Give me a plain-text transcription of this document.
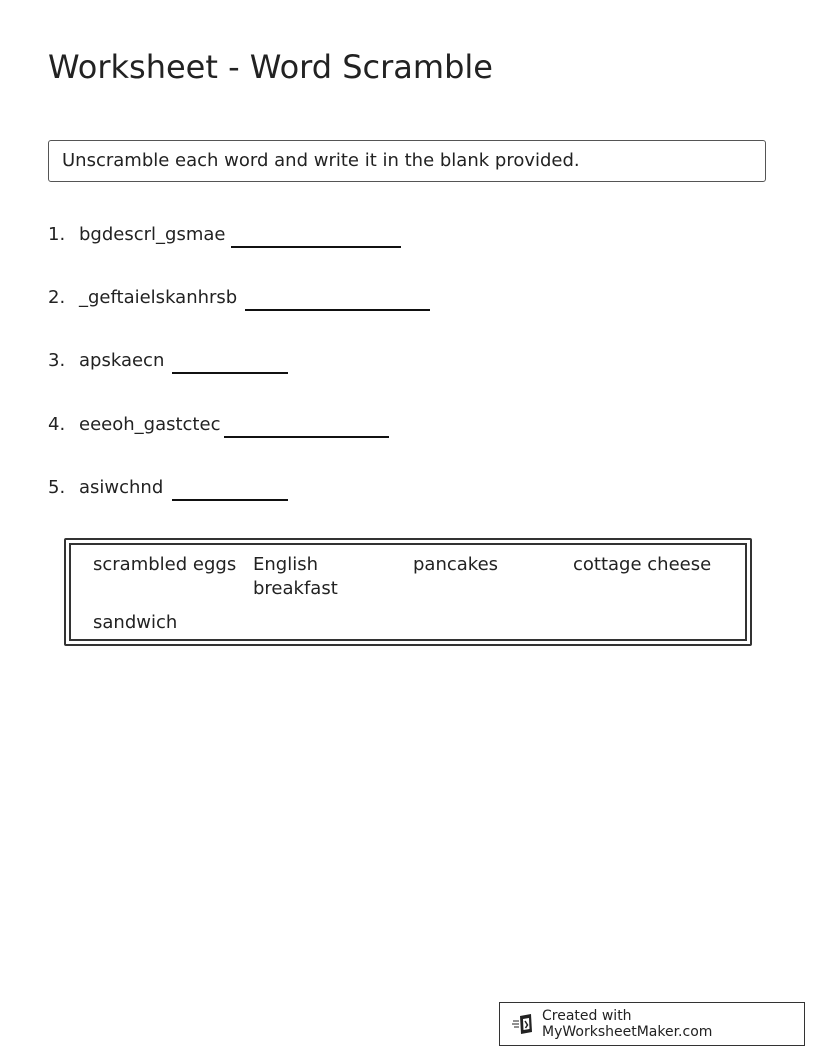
Worksheet - Word Scramble
Unscramble each word and write it in the blank provided.
1. bgdescrl_gsmae
2. _geftaielskanhrsb
3. apskaecn
4. eeeoh_gastctec
5. asiwchnd
scrambled eggs English breakfast
pancakes	cottage cheese
sandwich
Created with MyWorksheetMaker.com
